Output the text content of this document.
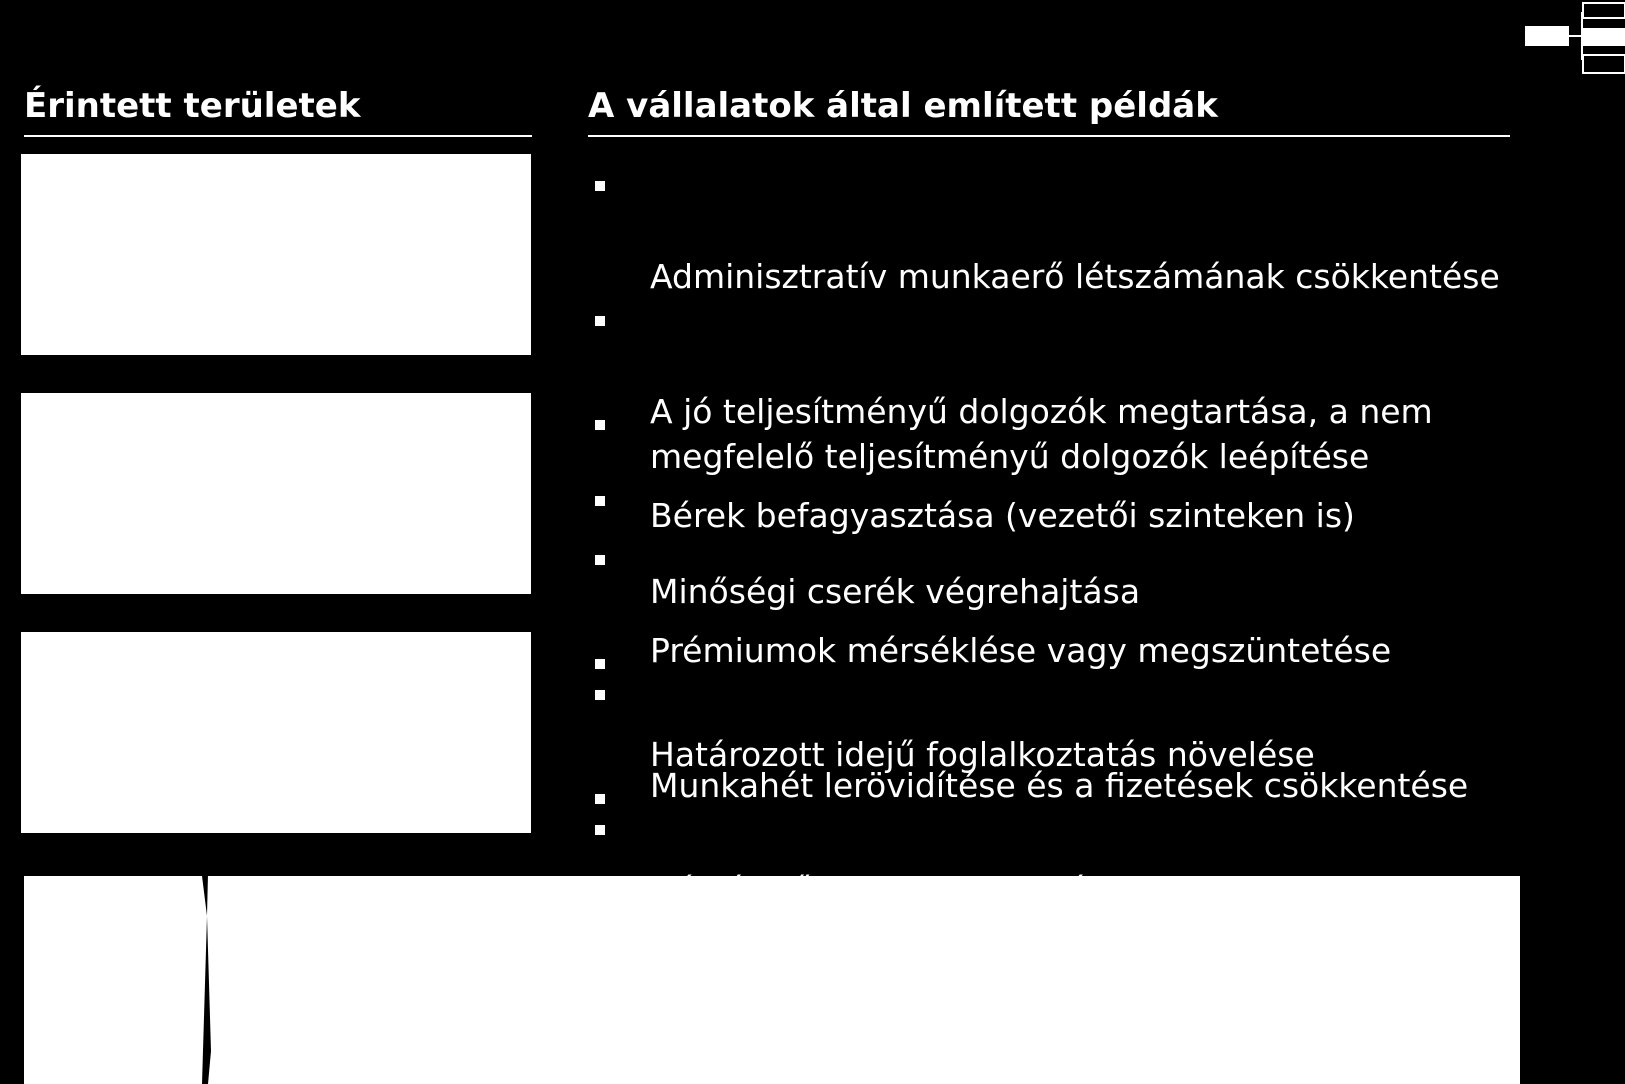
Érintett területek	A vállalatok által említett példák

Adminisztratív munkaerő létszámának csökkentése

A jó teljesítményű dolgozók megtartása, a nem
megfelelő teljesítményű dolgozók leépítése

Minőségi cserék végrehajtása

Bérek befagyasztása (vezetői szinteken is)

Prémiumok mérséklése vagy megszüntetése

Munkahét lerövidítése és a fizetések csökkentése

Határozott idejű foglalkoztatás növelése
